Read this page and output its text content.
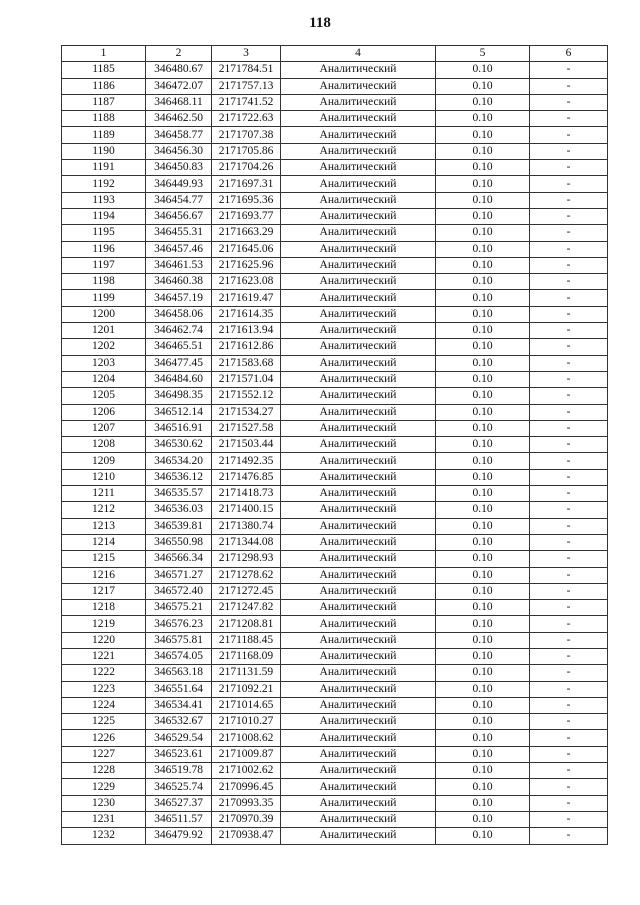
118
1	2	3	4	5	6
1185	346480.67	2171784.51	Аналитический	0.10	-
1186	346472.07	2171757.13	Аналитический	0.10	-
1187	346468.11	2171741.52	Аналитический	0.10	-
1188	346462.50	2171722.63	Аналитический	0.10	-
1189	346458.77	2171707.38	Аналитический	0.10	-
1190	346456.30	2171705.86	Аналитический	0.10	-
1191	346450.83	2171704.26	Аналитический	0.10	-
1192	346449.93	2171697.31	Аналитический	0.10	-
1193	346454.77	2171695.36	Аналитический	0.10	-
1194	346456.67	2171693.77	Аналитический	0.10	-
1195	346455.31	2171663.29	Аналитический	0.10	-
1196	346457.46	2171645.06	Аналитический	0.10	-
1197	346461.53	2171625.96	Аналитический	0.10	-
1198	346460.38	2171623.08	Аналитический	0.10	-
1199	346457.19	2171619.47	Аналитический	0.10	-
1200	346458.06	2171614.35	Аналитический	0.10	-
1201	346462.74	2171613.94	Аналитический	0.10	-
1202	346465.51	2171612.86	Аналитический	0.10	-
1203	346477.45	2171583.68	Аналитический	0.10	-
1204	346484.60	2171571.04	Аналитический	0.10	-
1205	346498.35	2171552.12	Аналитический	0.10	-
1206	346512.14	2171534.27	Аналитический	0.10	-
1207	346516.91	2171527.58	Аналитический	0.10	-
1208	346530.62	2171503.44	Аналитический	0.10	-
1209	346534.20	2171492.35	Аналитический	0.10	-
1210	346536.12	2171476.85	Аналитический	0.10	-
1211	346535.57	2171418.73	Аналитический	0.10	-
1212	346536.03	2171400.15	Аналитический	0.10	-
1213	346539.81	2171380.74	Аналитический	0.10	-
1214	346550.98	2171344.08	Аналитический	0.10	-
1215	346566.34	2171298.93	Аналитический	0.10	-
1216	346571.27	2171278.62	Аналитический	0.10	-
1217	346572.40	2171272.45	Аналитический	0.10	-
1218	346575.21	2171247.82	Аналитический	0.10	-
1219	346576.23	2171208.81	Аналитический	0.10	-
1220	346575.81	2171188.45	Аналитический	0.10	-
1221	346574.05	2171168.09	Аналитический	0.10	-
1222	346563.18	2171131.59	Аналитический	0.10	-
1223	346551.64	2171092.21	Аналитический	0.10	-
1224	346534.41	2171014.65	Аналитический	0.10	-
1225	346532.67	2171010.27	Аналитический	0.10	-
1226	346529.54	2171008.62	Аналитический	0.10	-
1227	346523.61	2171009.87	Аналитический	0.10	-
1228	346519.78	2171002.62	Аналитический	0.10	-
1229	346525.74	2170996.45	Аналитический	0.10	-
1230	346527.37	2170993.35	Аналитический	0.10	-
1231	346511.57	2170970.39	Аналитический	0.10	-
1232	346479.92	2170938.47	Аналитический	0.10	-
